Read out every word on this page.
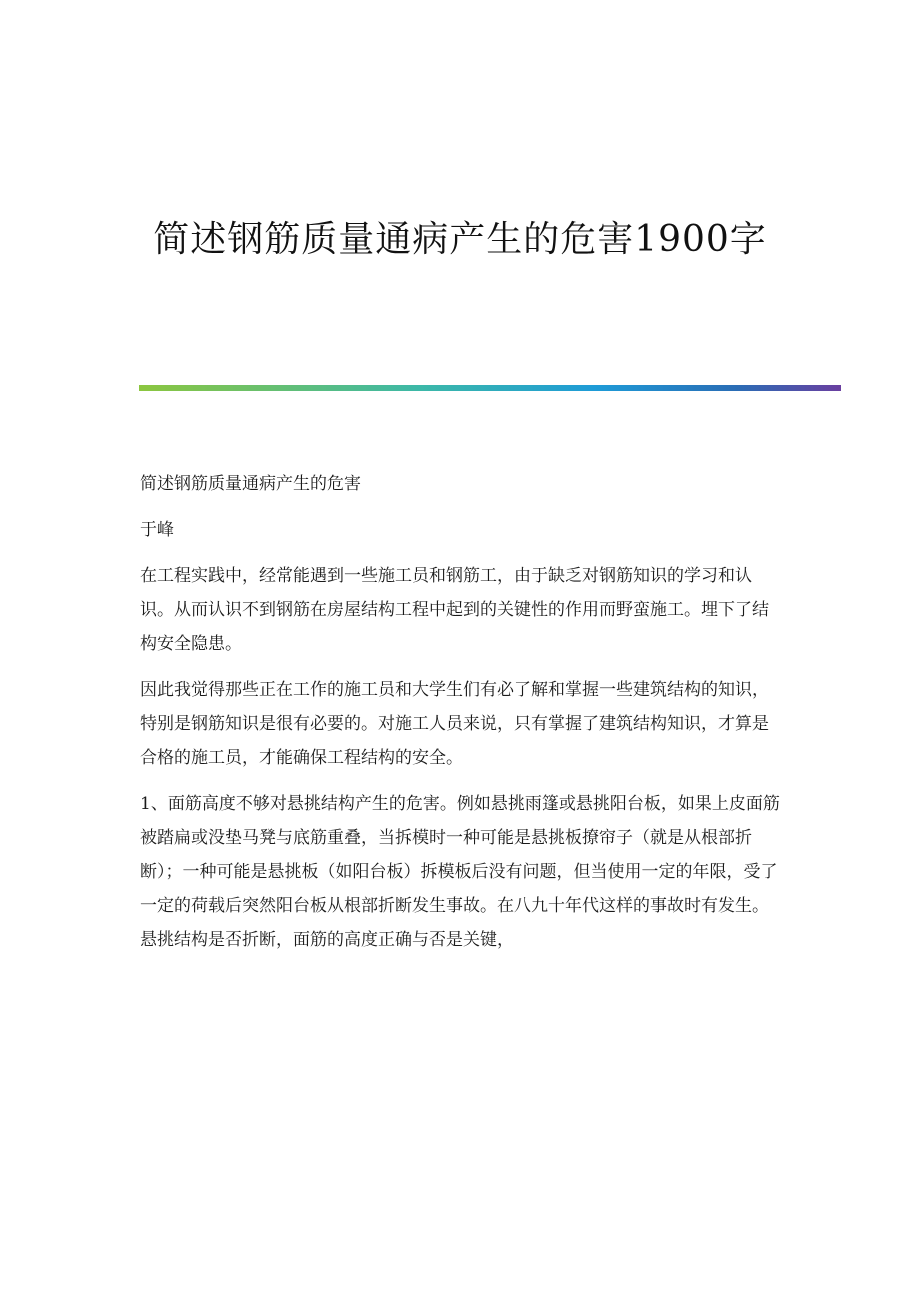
简述钢筋质量通病产生的危害1900字

简述钢筋质量通病产生的危害

于峰

在工程实践中，经常能遇到一些施工员和钢筋工，由于缺乏对钢筋知识的学习和认识。从而认识不到钢筋在房屋结构工程中起到的关键性的作用而野蛮施工。埋下了结构安全隐患。

因此我觉得那些正在工作的施工员和大学生们有必了解和掌握一些建筑结构的知识，特别是钢筋知识是很有必要的。对施工人员来说，只有掌握了建筑结构知识，才算是合格的施工员，才能确保工程结构的安全。

1、面筋高度不够对悬挑结构产生的危害。例如悬挑雨篷或悬挑阳台板，如果上皮面筋被踏扁或没垫马凳与底筋重叠，当拆模时一种可能是悬挑板撩帘子（就是从根部折断）；一种可能是悬挑板（如阳台板）拆模板后没有问题，但当使用一定的年限，受了一定的荷载后突然阳台板从根部折断发生事故。在八九十年代这样的事故时有发生。悬挑结构是否折断，面筋的高度正确与否是关键，
